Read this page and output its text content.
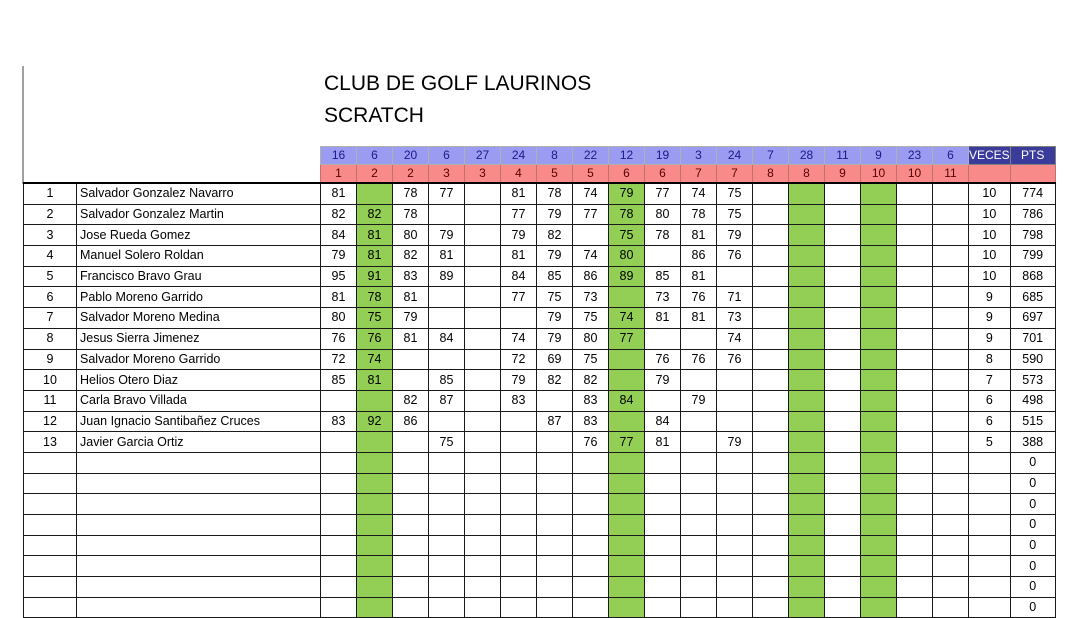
CLUB DE GOLF LAURINOS
SCRATCH
		16	6	20	6	27	24	8	22	12	19	3	24	7	28	11	9	23	6	VECES	PTS
		1	2	2	3	3	4	5	5	6	6	7	7	8	8	9	10	10	11		
1	Salvador Gonzalez Navarro	81		78	77		81	78	74	79	77	74	75							10	774
2	Salvador Gonzalez Martin	82	82	78			77	79	77	78	80	78	75							10	786
3	Jose Rueda Gomez	84	81	80	79		79	82		75	78	81	79							10	798
4	Manuel Solero Roldan	79	81	82	81		81	79	74	80		86	76							10	799
5	Francisco Bravo Grau	95	91	83	89		84	85	86	89	85	81								10	868
6	Pablo Moreno Garrido	81	78	81			77	75	73		73	76	71							9	685
7	Salvador Moreno Medina	80	75	79				79	75	74	81	81	73							9	697
8	Jesus Sierra Jimenez	76	76	81	84		74	79	80	77			74							9	701
9	Salvador Moreno Garrido	72	74				72	69	75		76	76	76							8	590
10	Helios Otero Diaz	85	81		85		79	82	82		79									7	573
11	Carla Bravo Villada			82	87		83		83	84		79								6	498
12	Juan Ignacio Santibañez Cruces	83	92	86				87	83		84									6	515
13	Javier Garcia Ortiz				75				76	77	81		79							5	388
																					0
																					0
																					0
																					0
																					0
																					0
																					0
																					0
